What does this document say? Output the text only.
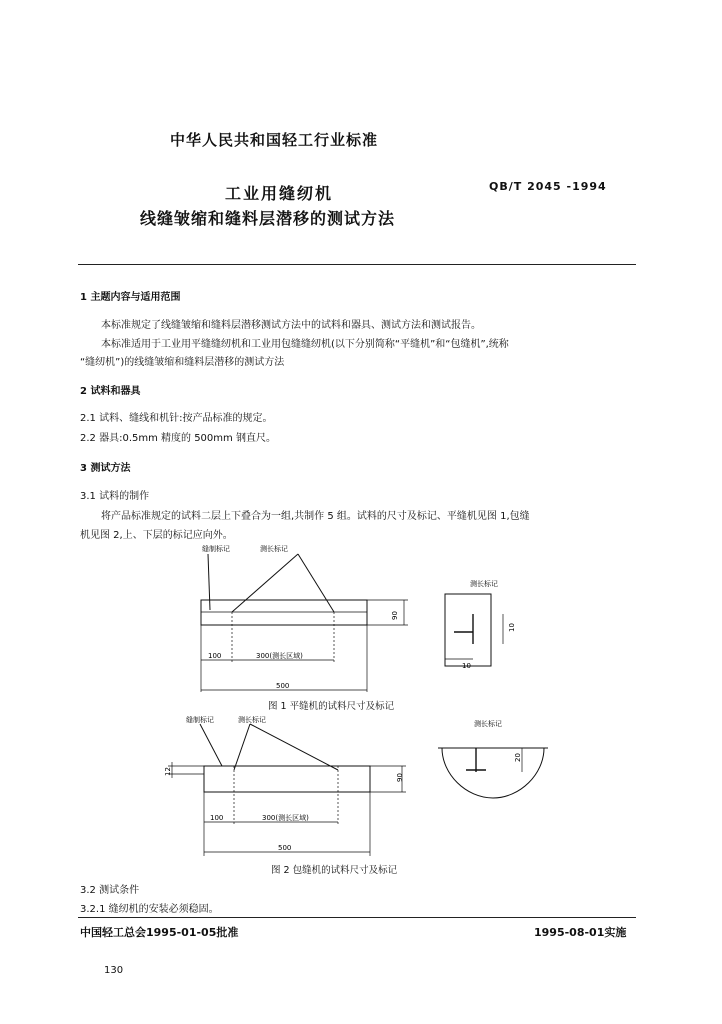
中华人民共和国轻工行业标准
工业用缝纫机
线缝皱缩和缝料层潜移的测试方法
QB/T 2045 -1994
1 主题内容与适用范围
本标准规定了线缝皱缩和缝料层潜移测试方法中的试料和器具、测试方法和测试报告。
本标准适用于工业用平缝缝纫机和工业用包缝缝纫机(以下分别简称“平缝机”和“包缝机”,统称
“缝纫机”)的线缝皱缩和缝料层潜移的测试方法
2 试料和器具
2.1 试料、缝线和机针:按产品标准的规定。
2.2 器具:0.5mm 精度的 500mm 钢直尺。
3 测试方法
3.1 试料的制作
将产品标准规定的试料二层上下叠合为一组,共制作 5 组。试料的尺寸及标记、平缝机见图 1,包缝
机见图 2,上、下层的标记应向外。
缝制标记	测长标记
100	300(测长区域)
500
90
测长标记
10
10
图 1 平缝机的试料尺寸及标记
缝制标记	测长标记
12
90
100	300(测长区域)
500
测长标记
20
图 2 包缝机的试料尺寸及标记
3.2 测试条件
3.2.1 缝纫机的安装必须稳固。
中国轻工总会1995-01-05批准	1995-08-01实施
130
